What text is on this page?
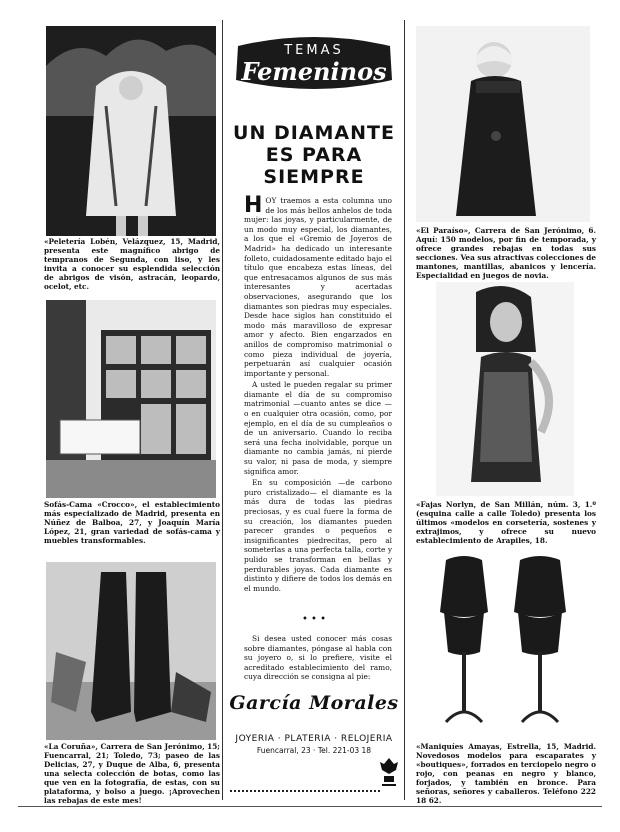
«Peletería Lobén, Velázquez, 15, Madrid, presenta este magnífico abrigo de tempranos de Segunda, con liso, y les invita a conocer su esplendida selección de abrigos de visón, astracán, leopardo, ocelot, etc.
Sofás-Cama «Crocco», el establecimiento más especializado de Madrid, presenta en Núñez de Balboa, 27, y Joaquín María López, 21, gran variedad de sofás-cama y muebles transformables.
«La Coruña», Carrera de San Jerónimo, 15; Fuencarral, 21; Toledo, 73; paseo de las Delicias, 27, y Duque de Alba, 6, presenta una selecta colección de botas, como las que ven en la fotografía, de estas, con su plataforma, y bolso a juego. ¡Aprovechen las rebajas de este mes!
TEMAS
Femeninos
UN DIAMANTE
ES PARA
SIEMPRE

HOY traemos a esta columna uno de los más bellos anhelos de toda mujer: las joyas, y particularmente, de un modo muy especial, los diamantes, a los que el «Gremio de Joyeros de Madrid» ha dedicado un interesante folleto, cuidadosamente editado bajo el título que encabeza estas líneas, del que entresacamos algunos de sus más interesantes y acertadas observaciones, asegurando que los diamantes son piedras muy especiales. Desde hace siglos han constituido el modo más maravilloso de expresar amor y afecto. Bien engarzados en anillos de compromiso matrimonial o como pieza individual de joyería, perpetuarán así cualquier ocasión importante y personal.

A usted le pueden regalar su primer diamante el día de su compromiso matrimonial —cuanto antes se dice — o en cualquier otra ocasión, como, por ejemplo, en el día de su cumpleaños o de un aniversario. Cuando lo reciba será una fecha inolvidable, porque un diamante no cambia jamás, ni pierde su valor, ni pasa de moda, y siempre significa amor.

En su composición —de carbono puro cristalizado— el diamante es la más dura de todas las piedras preciosas, y es cual fuere la forma de su creación, los diamantes pueden parecer grandes o pequeños e insignificantes piedrecitas, pero al someterlas a una perfecta talla, corte y pulido se transforman en bellas y perdurables joyas. Cada diamante es distinto y difiere de todos los demás en el mundo.

• • •
Si desea usted conocer más cosas sobre diamantes, póngase al habla con su joyero o, si lo prefiere, visite el acreditado establecimiento del ramo, cuya dirección se consigna al pie:
García Morales
JOYERIA · PLATERIA · RELOJERIA
Fuencarral, 23 · Tel. 221-03 18
«El Paraíso», Carrera de San Jerónimo, 6. Aquí: 150 modelos, por fin de temporada, y ofrece grandes rebajas en todas sus secciones. Vea sus atractivas colecciones de mantones, mantillas, abanicos y lencería. Especialidad en juegos de novia.
«Fajas Norlyn, de San Millán, núm. 3, 1.º (esquina calle a calle Toledo) presenta los últimos «modelos en corsetería, sostenes y extrajimos, y ofrece su nuevo establecimiento de Arapiles, 18.
«Maniquíes Amayas, Estrella, 15, Madrid. Novedosos modelos para escaparates y «boutiques», forrados en terciopelo negro o rojo, con peanas en negro y blanco, forjados, y también en bronce. Para señoras, señores y caballeros. Teléfono 222 18 62.
